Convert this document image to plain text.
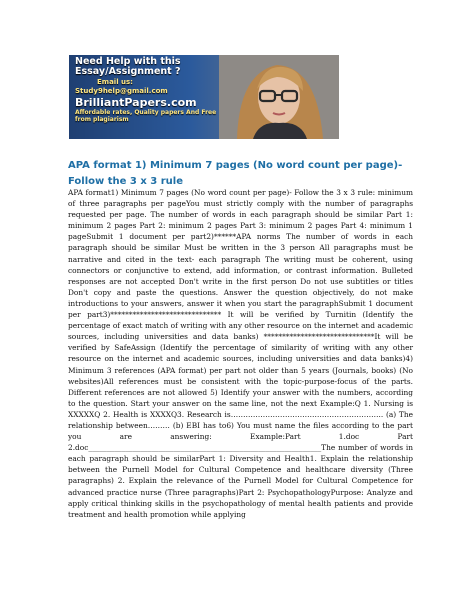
Need Help with this Essay/Assignment ?
Email us:
Study9help@gmail.com
BrilliantPapers.com
Affordable rates, Quality papers And Free from plagiarism
APA format 1) Minimum 7 pages (No word count per page)- Follow the 3 x 3 rule
APA format1) Minimum 7 pages (No word count per page)- Follow the 3 x 3 rule: minimum of three paragraphs per pageYou must strictly comply with the number of paragraphs requested per page. The number of words in each paragraph should be similar Part 1: minimum 2 pages Part 2: minimum 2 pages Part 3: minimum 2 pages Part 4: minimum 1 pageSubmit 1 document per part2)******APA norms The number of words in each paragraph should be similar Must be written in the 3 person All paragraphs must be narrative and cited in the text- each paragraph The writing must be coherent, using connectors or conjunctive to extend, add information, or contrast information. Bulleted responses are not accepted Don't write in the first person Do not use subtitles or titles Don't copy and paste the questions. Answer the question objectively, do not make introductions to your answers, answer it when you start the paragraphSubmit 1 document per part3)****************************** It will be verified by Turnitin (Identify the percentage of exact match of writing with any other resource on the internet and academic sources, including universities and data banks) ******************************It will be verified by SafeAssign (Identify the percentage of similarity of writing with any other resource on the internet and academic sources, including universities and data banks)4) Minimum 3 references (APA format) per part not older than 5 years (Journals, books) (No websites)All references must be consistent with the topic-purpose-focus of the parts. Different references are not allowed 5) Identify your answer with the numbers, according to the question. Start your answer on the same line, not the next Example:Q 1. Nursing is XXXXXQ 2. Health is XXXXQ3. Research is…………………………………………………….. (a) The relationship between……… (b) EBI has to6) You must name the files according to the part you are answering: Example:Part 1.doc Part 2.doc_______________________________________________________________The number of words in each paragraph should be similarPart 1: Diversity and Health1. Explain the relationship between the Purnell Model for Cultural Competence and healthcare diversity (Three paragraphs) 2. Explain the relevance of the Purnell Model for Cultural Competence for advanced practice nurse (Three paragraphs)Part 2: PsychopathologyPurpose: Analyze and apply critical thinking skills in the psychopathology of mental health patients and provide treatment and health promotion while applying
